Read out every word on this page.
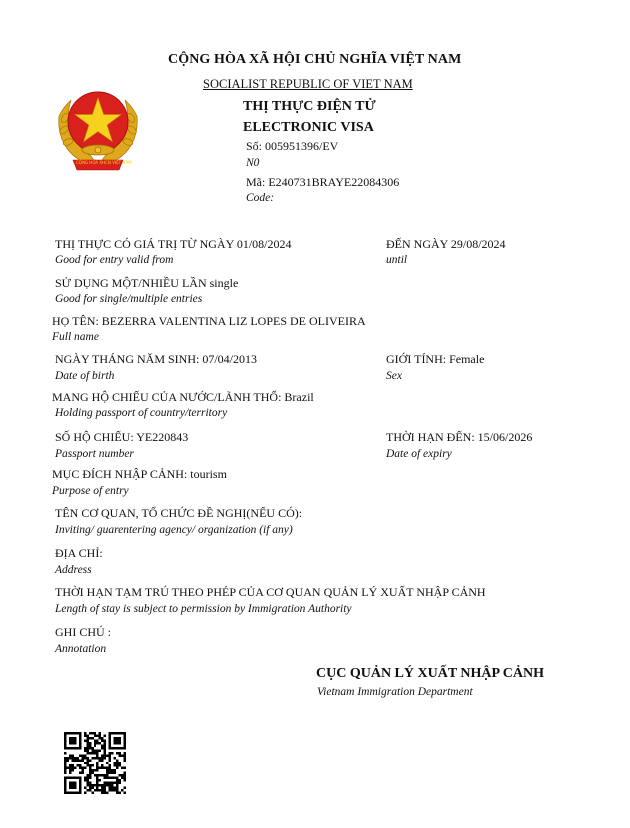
CỘNG HÒA XÃ HỘI CHỦ NGHĨA VIỆT NAM
SOCIALIST REPUBLIC OF VIET NAM
THỊ THỰC ĐIỆN TỬ
ELECTRONIC VISA
Số: 005951396/EV
N0
Mã: E240731BRAYE22084306
Code:
CỘNG HÒA XHCN VIỆT NAM
THỊ THỰC CÓ GIÁ TRỊ TỪ NGÀY 01/08/2024
Good for entry valid from
ĐẾN NGÀY 29/08/2024
until
SỬ DỤNG MỘT/NHIỀU LẦN single
Good for single/multiple entries
HỌ TÊN: BEZERRA VALENTINA LIZ LOPES DE OLIVEIRA
Full name
NGÀY THÁNG NĂM SINH: 07/04/2013
Date of birth
GIỚI TÍNH: Female
Sex
MANG HỘ CHIẾU CỦA NƯỚC/LÃNH THỔ: Brazil
Holding passport of country/territory
SỐ HỘ CHIẾU: YE220843
Passport number
THỜI HẠN ĐẾN: 15/06/2026
Date of expiry
MỤC ĐÍCH NHẬP CẢNH: tourism
Purpose of entry
TÊN CƠ QUAN, TỔ CHỨC ĐỀ NGHỊ(NẾU CÓ):
Inviting/ guarentering agency/ organization (if any)
ĐỊA CHỈ:
Address
THỜI HẠN TẠM TRÚ THEO PHÉP CỦA CƠ QUAN QUẢN LÝ XUẤT NHẬP CẢNH
Length of stay is subject to permission by Immigration Authority
GHI CHÚ :
Annotation
CỤC QUẢN LÝ XUẤT NHẬP CẢNH
Vietnam Immigration Department
